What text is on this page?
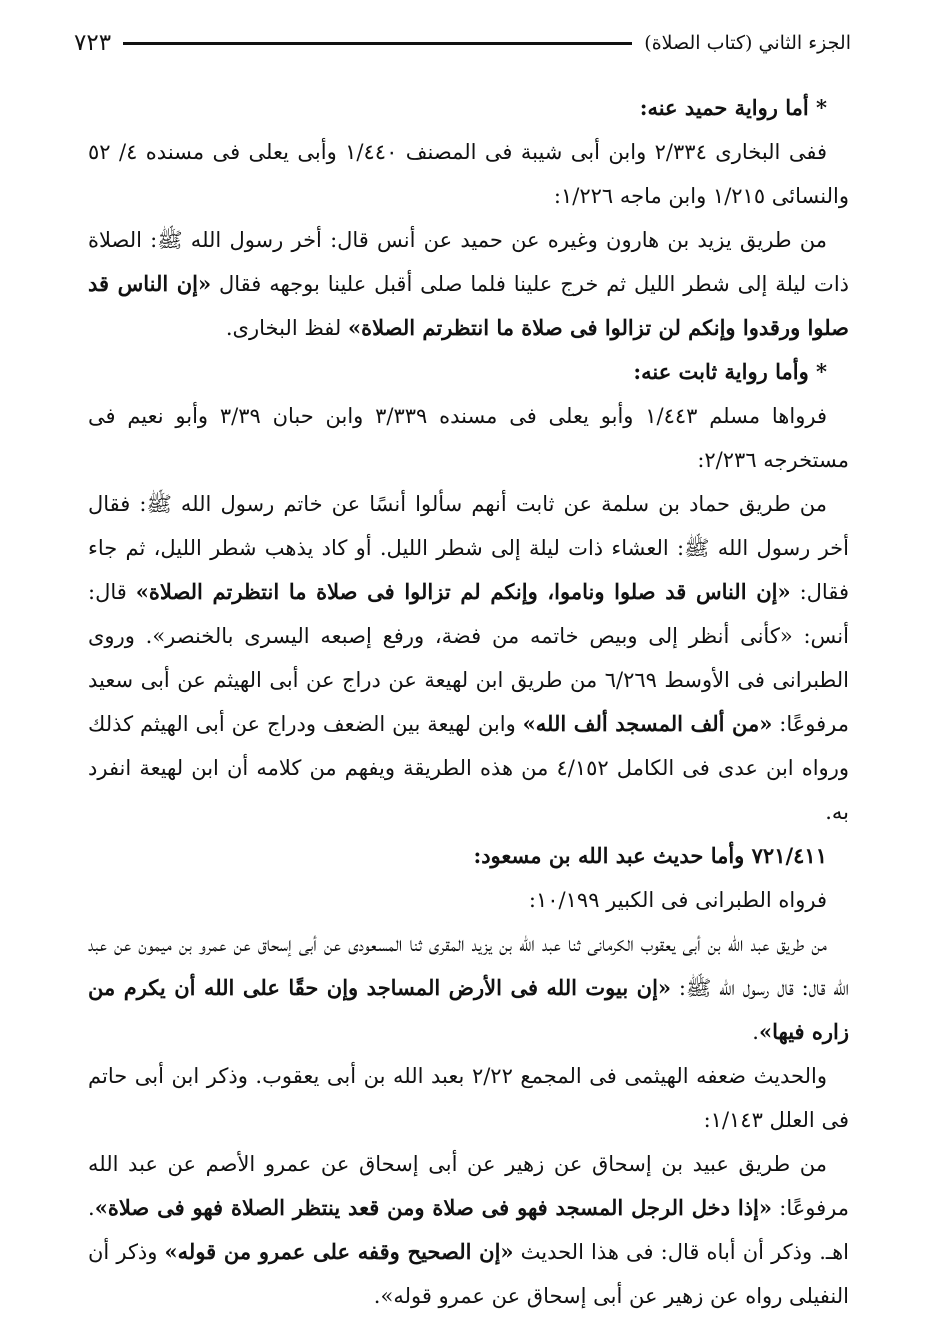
٧٢٣	الجزء الثاني (كتاب الصلاة)

* أما رواية حميد عنه:

ففى البخارى ٢/٣٣٤ وابن أبى شيبة فى المصنف ١/٤٤٠ وأبى يعلى فى مسنده ٤/ ٥٢ والنسائى ١/٢١٥ وابن ماجه ١/٢٢٦:

من طريق يزيد بن هارون وغيره عن حميد عن أنس قال: أخر رسول الله ﷺ: الصلاة ذات ليلة إلى شطر الليل ثم خرج علينا فلما صلى أقبل علينا بوجهه فقال «إن الناس قد صلوا ورقدوا وإنكم لن تزالوا فى صلاة ما انتظرتم الصلاة» لفظ البخارى.

* وأما رواية ثابت عنه:

فرواها مسلم ١/٤٤٣ وأبو يعلى فى مسنده ٣/٣٣٩ وابن حبان ٣/٣٩ وأبو نعيم فى مستخرجه ٢/٢٣٦:

من طريق حماد بن سلمة عن ثابت أنهم سألوا أنسًا عن خاتم رسول الله ﷺ: فقال أخر رسول الله ﷺ: العشاء ذات ليلة إلى شطر الليل. أو كاد يذهب شطر الليل، ثم جاء فقال: «إن الناس قد صلوا وناموا، وإنكم لم تزالوا فى صلاة ما انتظرتم الصلاة» قال: أنس: «كأنى أنظر إلى وبيص خاتمه من فضة، ورفع إصبعه اليسرى بالخنصر». وروى الطبرانى فى الأوسط ٦/٢٦٩ من طريق ابن لهيعة عن دراج عن أبى الهيثم عن أبى سعيد مرفوعًا: «من ألف المسجد ألف الله» وابن لهيعة بين الضعف ودراج عن أبى الهيثم كذلك ورواه ابن عدى فى الكامل ٤/١٥٢ من هذه الطريقة ويفهم من كلامه أن ابن لهيعة انفرد به.

٧٢١/٤١١ وأما حديث عبد الله بن مسعود:

فرواه الطبرانى فى الكبير ١٠/١٩٩:

من طريق عبد الله بن أبى يعقوب الكرمانى ثنا عبد الله بن يزيد المقرى ثنا المسعودى عن أبى إسحاق عن عمرو بن ميمون عن عبد الله قال: قال رسول الله ﷺ: «إن بيوت الله فى الأرض المساجد وإن حقًا على الله أن يكرم من زاره فيها».

والحديث ضعفه الهيثمى فى المجمع ٢/٢٢ بعبد الله بن أبى يعقوب. وذكر ابن أبى حاتم فى العلل ١/١٤٣:

من طريق عبيد بن إسحاق عن زهير عن أبى إسحاق عن عمرو الأصم عن عبد الله مرفوعًا: «إذا دخل الرجل المسجد فهو فى صلاة ومن قعد ينتظر الصلاة فهو فى صلاة». اهـ. وذكر أن أباه قال: فى هذا الحديث «إن الصحيح وقفه على عمرو من قوله» وذكر أن النفيلى رواه عن زهير عن أبى إسحاق عن عمرو قوله».
